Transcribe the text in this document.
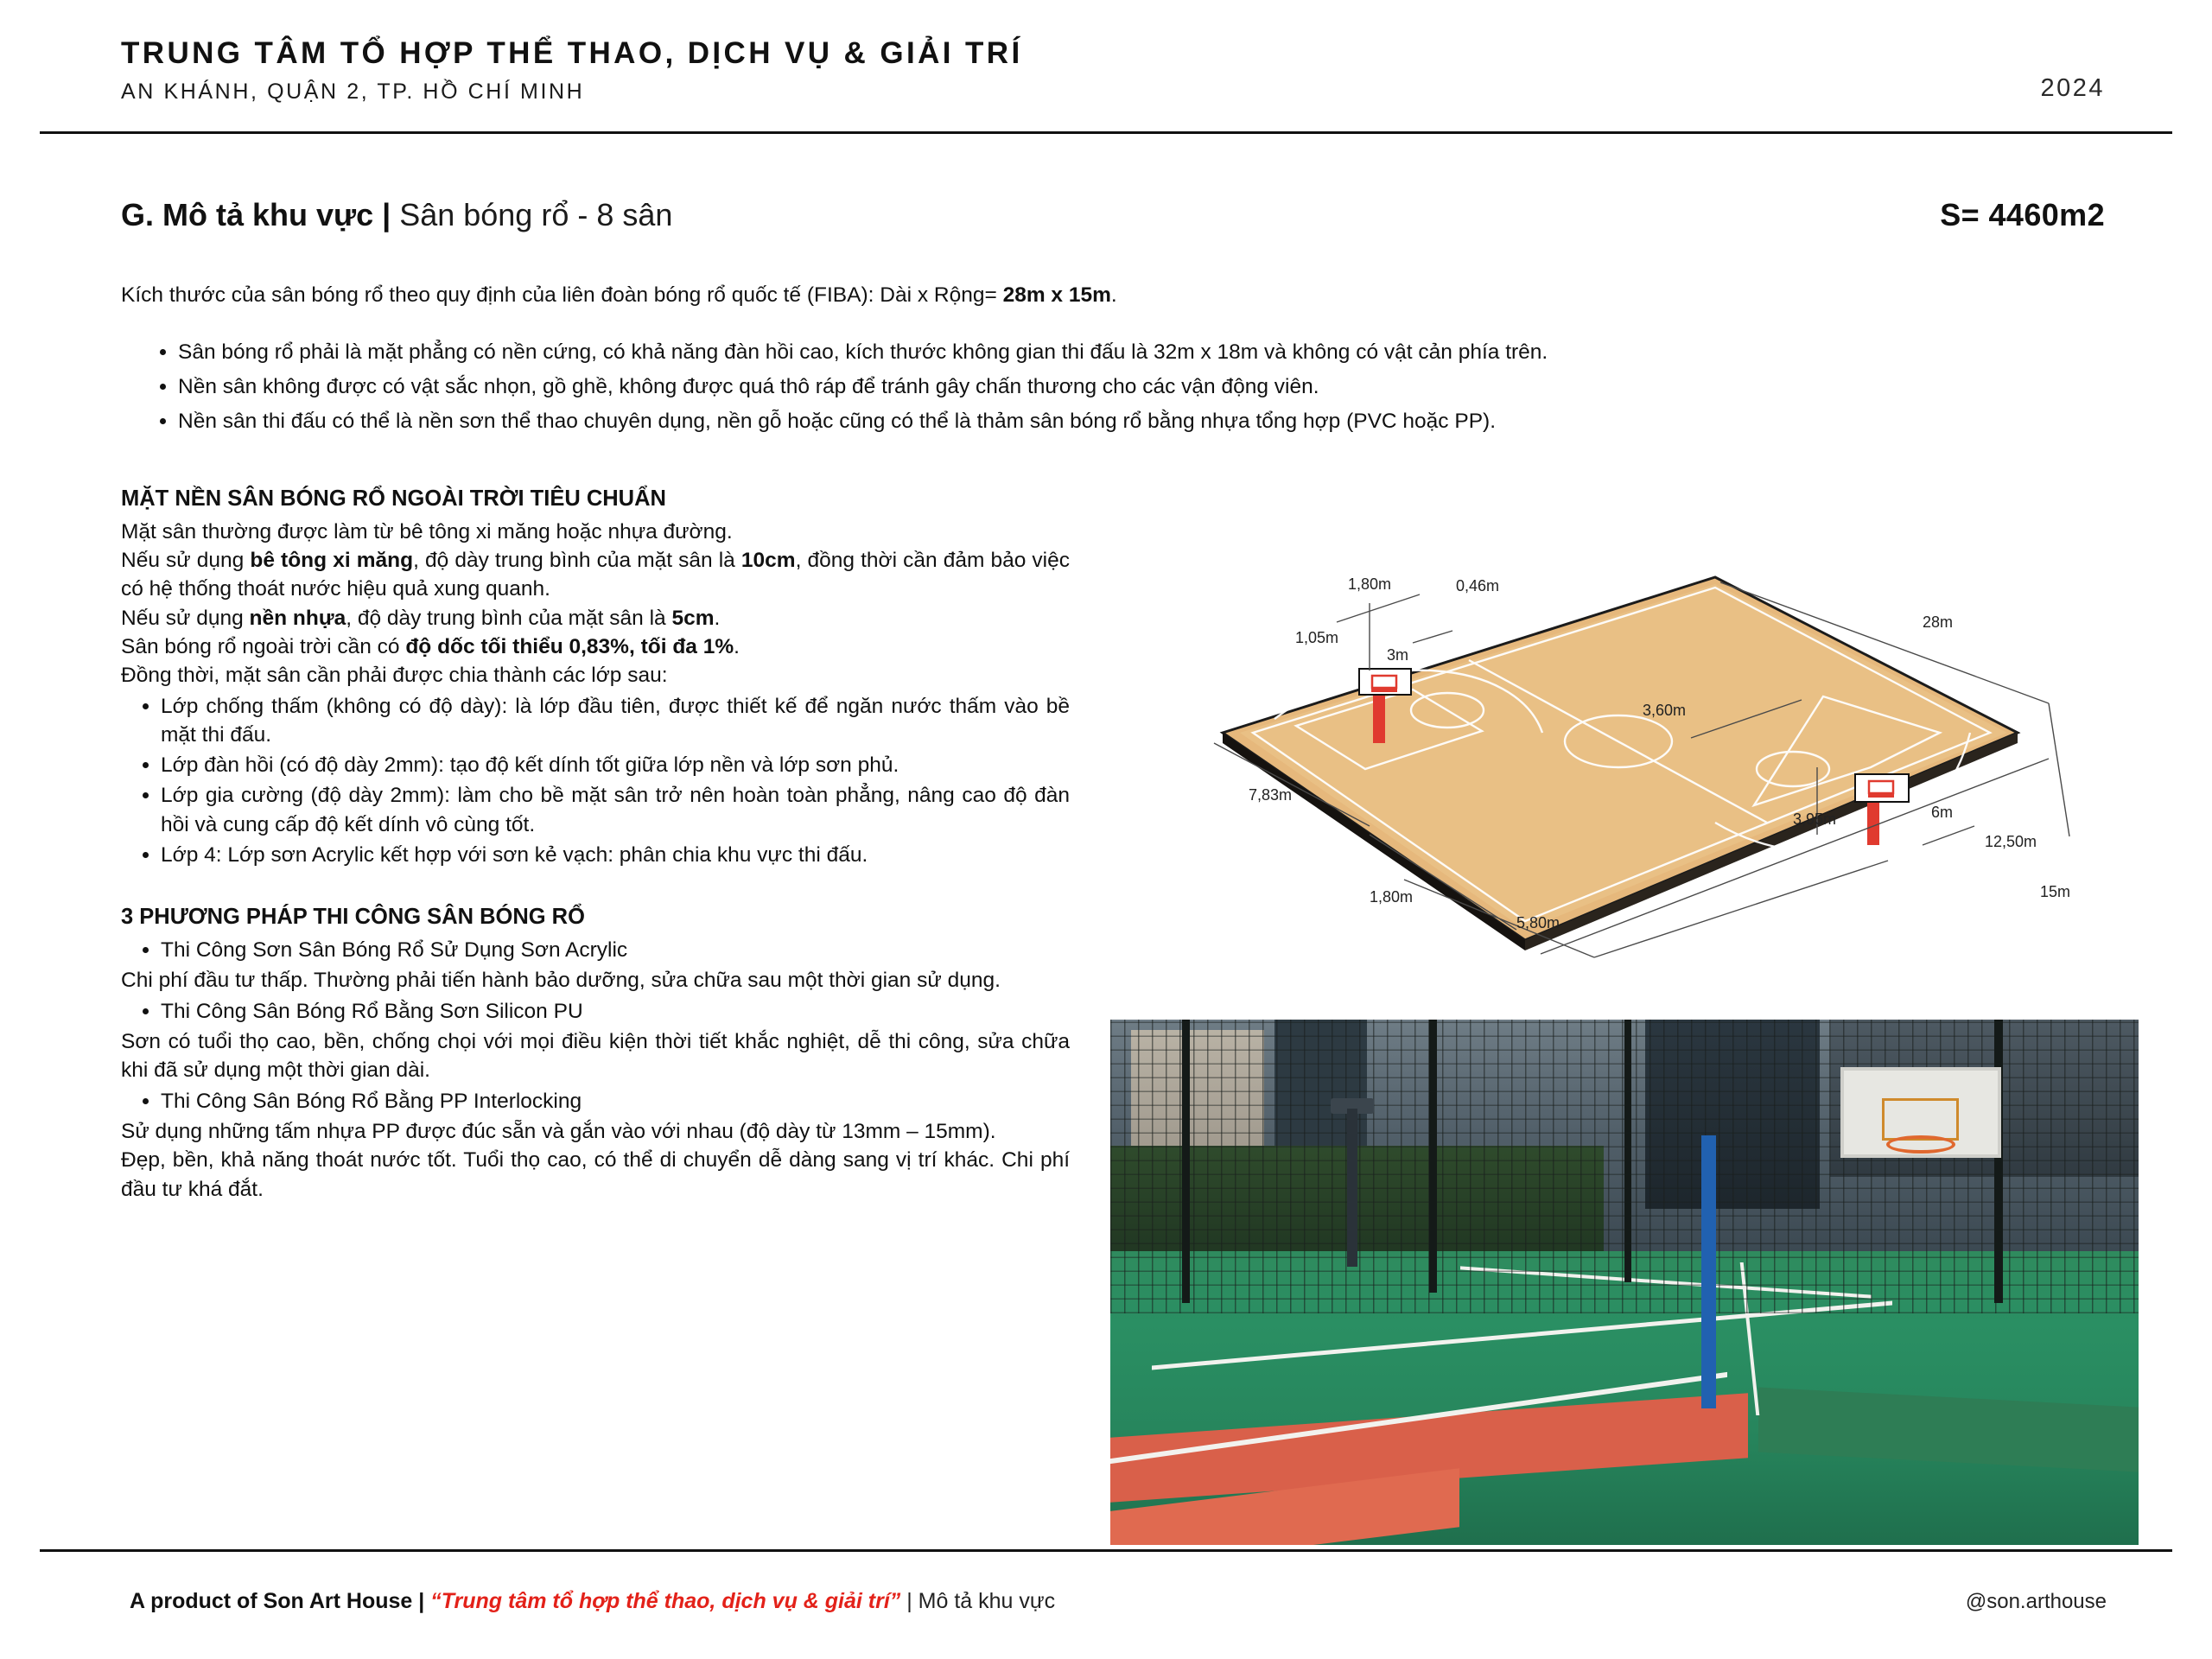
TRUNG TÂM TỔ HỢP THỂ THAO, DỊCH VỤ & GIẢI TRÍ
AN KHÁNH, QUẬN 2, TP. HỒ CHÍ MINH	2024
G. Mô tả khu vực | Sân bóng rổ - 8 sân	S= 4460m2
Kích thước của sân bóng rổ theo quy định của liên đoàn bóng rổ quốc tế (FIBA): Dài x Rộng= 28m x 15m.
• Sân bóng rổ phải là mặt phẳng có nền cứng, có khả năng đàn hồi cao, kích thước không gian thi đấu là 32m x 18m và không có vật cản phía trên.
• Nền sân không được có vật sắc nhọn, gồ ghề, không được quá thô ráp để tránh gây chấn thương cho các vận động viên.
• Nền sân thi đấu có thể là nền sơn thể thao chuyên dụng, nền gỗ hoặc cũng có thể là thảm sân bóng rổ bằng nhựa tổng hợp (PVC hoặc PP).
MẶT NỀN SÂN BÓNG RỔ NGOÀI TRỜI TIÊU CHUẨN

Mặt sân thường được làm từ bê tông xi măng hoặc nhựa đường.

Nếu sử dụng bê tông xi măng, độ dày trung bình của mặt sân là 10cm, đồng thời cần đảm bảo việc có hệ thống thoát nước hiệu quả xung quanh.

Nếu sử dụng nền nhựa, độ dày trung bình của mặt sân là 5cm.

Sân bóng rổ ngoài trời cần có độ dốc tối thiểu 0,83%, tối đa 1%.

Đồng thời, mặt sân cần phải được chia thành các lớp sau:

• Lớp chống thấm (không có độ dày): là lớp đầu tiên, được thiết kế để ngăn nước thấm vào bề mặt thi đấu.
• Lớp đàn hồi (có độ dày 2mm): tạo độ kết dính tốt giữa lớp nền và lớp sơn phủ.
• Lớp gia cường (độ dày 2mm): làm cho bề mặt sân trở nên hoàn toàn phẳng, nâng cao độ đàn hồi và cung cấp độ kết dính vô cùng tốt.
• Lớp 4: Lớp sơn Acrylic kết hợp với sơn kẻ vạch: phân chia khu vực thi đấu.
3 PHƯƠNG PHÁP THI CÔNG SÂN BÓNG RỔ
• Thi Công Sơn Sân Bóng Rổ Sử Dụng Sơn Acrylic

Chi phí đầu tư thấp. Thường phải tiến hành bảo dưỡng, sửa chữa sau một thời gian sử dụng.

• Thi Công Sân Bóng Rổ Bằng Sơn Silicon PU

Sơn có tuổi thọ cao, bền, chống chọi với mọi điều kiện thời tiết khắc nghiệt, dễ thi công, sửa chữa khi đã sử dụng một thời gian dài.

• Thi Công Sân Bóng Rổ Bằng PP Interlocking

Sử dụng những tấm nhựa PP được đúc sẵn và gắn vào với nhau (độ dày từ 13mm – 15mm).

Đẹp, bền, khả năng thoát nước tốt. Tuổi thọ cao, có thể di chuyển dễ dàng sang vị trí khác. Chi phí đầu tư khá đắt.

1,80m	0,46m
1,05m
3m
28m
3,60m
7,83m
3,95m	6m
12,50m
15m
1,80m
5,80m
A product of Son Art House | “Trung tâm tổ hợp thể thao, dịch vụ & giải trí” | Mô tả khu vực	@son.arthouse
